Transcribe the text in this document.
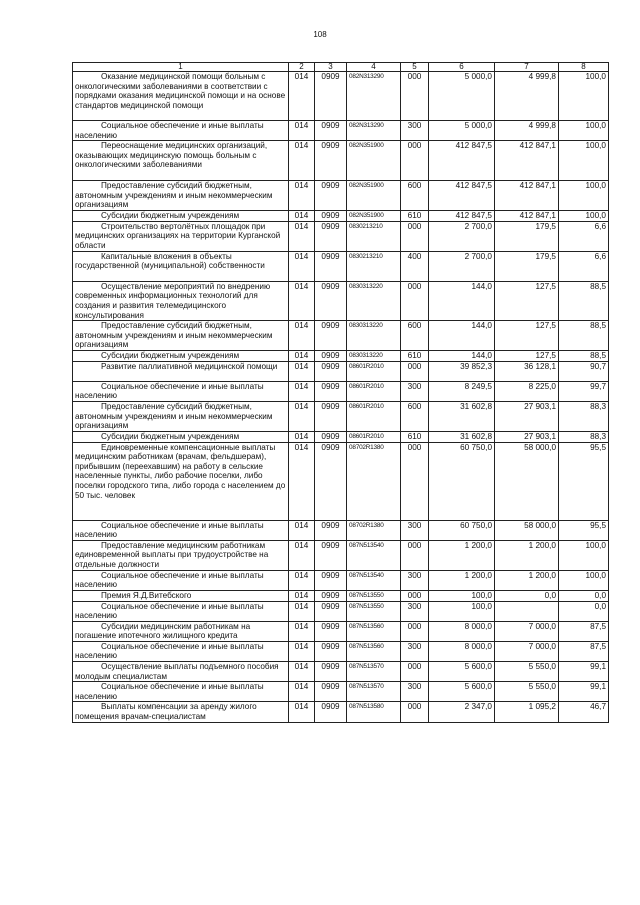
108
1	2	3	4	5	6	7	8

Оказание медицинской помощи больным с онкологическими заболеваниями в соответствии с порядками оказания медицинской помощи и на основе стандартов медицинской помощи	014	0909	082N313290	000	5 000,0	4 999,8	100,0

Социальное обеспечение и иные выплаты населению	014	0909	082N313290	300	5 000,0	4 999,8	100,0

Переоснащение медицинских организаций, оказывающих медицинскую помощь больным с онкологическими заболеваниями	014	0909	082N351900	000	412 847,5	412 847,1	100,0

Предоставление субсидий бюджетным, автономным учреждениям и иным некоммерческим организациям	014	0909	082N351900	600	412 847,5	412 847,1	100,0

Субсидии бюджетным учреждениям	014	0909	082N351900	610	412 847,5	412 847,1	100,0

Строительство вертолётных площадок при медицинских организациях на территории Курганской области	014	0909	0830213210	000	2 700,0	179,5	6,6

Капитальные вложения в объекты государственной (муниципальной) собственности	014	0909	0830213210	400	2 700,0	179,5	6,6

Осуществление мероприятий по внедрению современных информационных технологий для создания и развития телемедицинского консультирования	014	0909	0830313220	000	144,0	127,5	88,5

Предоставление субсидий бюджетным, автономным учреждениям и иным некоммерческим организациям	014	0909	0830313220	600	144,0	127,5	88,5

Субсидии бюджетным учреждениям	014	0909	0830313220	610	144,0	127,5	88,5

Развитие паллиативной медицинской помощи	014	0909	08601R2010	000	39 852,3	36 128,1	90,7

Социальное обеспечение и иные выплаты населению	014	0909	08601R2010	300	8 249,5	8 225,0	99,7

Предоставление субсидий бюджетным, автономным учреждениям и иным некоммерческим организациям	014	0909	08601R2010	600	31 602,8	27 903,1	88,3

Субсидии бюджетным учреждениям	014	0909	08601R2010	610	31 602,8	27 903,1	88,3

Единовременные компенсационные выплаты медицинским работникам (врачам, фельдшерам), прибывшим (переехавшим) на работу в сельские населенные пункты, либо рабочие поселки, либо поселки городского типа, либо города с населением до 50 тыс. человек	014	0909	08702R1380	000	60 750,0	58 000,0	95,5

Социальное обеспечение и иные выплаты населению	014	0909	08702R1380	300	60 750,0	58 000,0	95,5

Предоставление медицинским работникам единовременной выплаты при трудоустройстве на отдельные должности	014	0909	087N513540	000	1 200,0	1 200,0	100,0

Социальное обеспечение и иные выплаты населению	014	0909	087N513540	300	1 200,0	1 200,0	100,0

Премия Я.Д.Витебского	014	0909	087N513550	000	100,0	0,0	0,0

Социальное обеспечение и иные выплаты населению	014	0909	087N513550	300	100,0		0,0

Субсидии медицинским работникам на погашение ипотечного жилищного кредита	014	0909	087N513560	000	8 000,0	7 000,0	87,5

Социальное обеспечение и иные выплаты населению	014	0909	087N513560	300	8 000,0	7 000,0	87,5

Осуществление выплаты подъемного пособия молодым специалистам	014	0909	087N513570	000	5 600,0	5 550,0	99,1

Социальное обеспечение и иные выплаты населению	014	0909	087N513570	300	5 600,0	5 550,0	99,1

Выплаты компенсации за аренду жилого помещения врачам-специалистам	014	0909	087N513580	000	2 347,0	1 095,2	46,7
